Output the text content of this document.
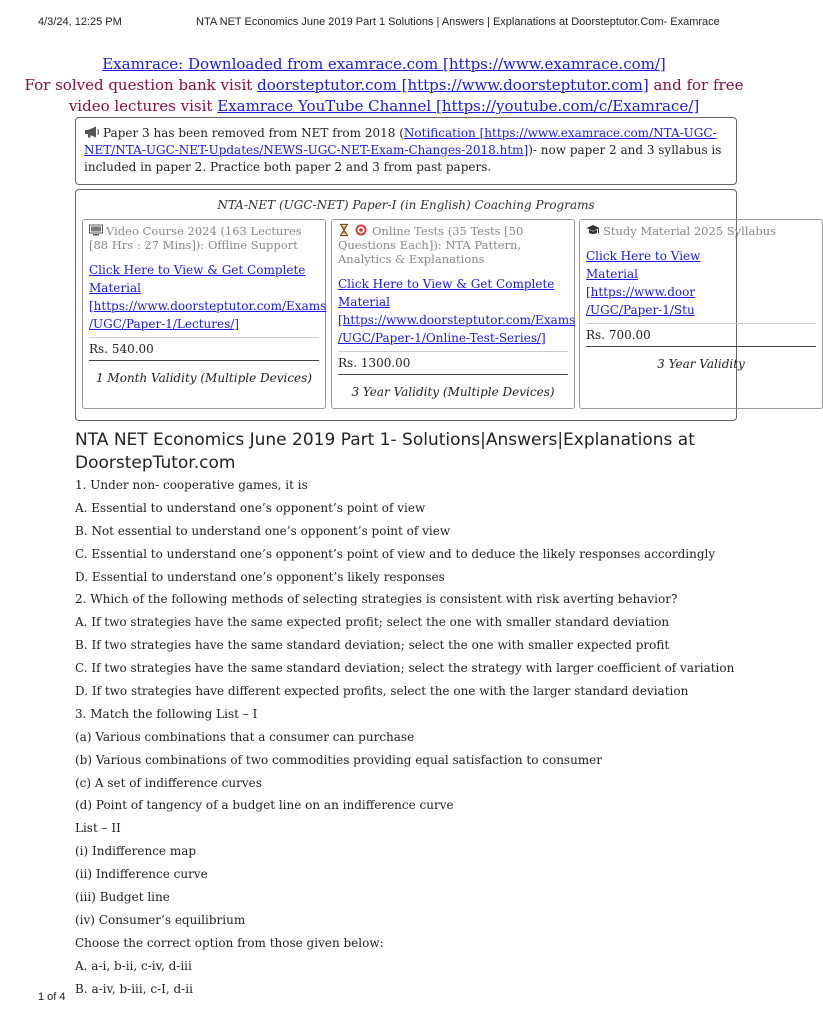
4/3/24, 12:25 PM	NTA NET Economics June 2019 Part 1 Solutions | Answers | Explanations at Doorsteptutor.Com- Examrace
Examrace: Downloaded from examrace.com [https://www.examrace.com/]
For solved question bank visit doorsteptutor.com [https://www.doorsteptutor.com] and for free
video lectures visit Examrace YouTube Channel [https://youtube.com/c/Examrace/]
Paper 3 has been removed from NET from 2018 (Notification [https://www.examrace.com/NTA-UGC-NET/NTA-UGC-NET-Updates/NEWS-UGC-NET-Exam-Changes-2018.htm])- now paper 2 and 3 syllabus is included in paper 2. Practice both paper 2 and 3 from past papers.
NTA-NET (UGC-NET) Paper-I (in English) Coaching Programs
Video Course 2024 (163 Lectures [88 Hrs : 27 Mins]): Offline Support
Click Here to View & Get Complete
Material
[https://www.doorsteptutor.com/Exams
/UGC/Paper-1/Lectures/]
Rs. 540.00
1 Month Validity (Multiple Devices)
Online Tests (35 Tests [50 Questions Each]): NTA Pattern, Analytics & Explanations
Click Here to View & Get Complete
Material
[https://www.doorsteptutor.com/Exams
/UGC/Paper-1/Online-Test-Series/]
Rs. 1300.00
3 Year Validity (Multiple Devices)
Study Material 2025 Syllabus
Click Here to View
Material
[https://www.door
/UGC/Paper-1/Stu
Rs. 700.00
3 Year Validity
NTA NET Economics June 2019 Part 1- Solutions|Answers|Explanations at DoorstepTutor.com
1. Under non- cooperative games, it is
A. Essential to understand one’s opponent’s point of view
B. Not essential to understand one’s opponent’s point of view
C. Essential to understand one’s opponent’s point of view and to deduce the likely responses accordingly
D. Essential to understand one’s opponent’s likely responses
2. Which of the following methods of selecting strategies is consistent with risk averting behavior?
A. If two strategies have the same expected profit; select the one with smaller standard deviation
B. If two strategies have the same standard deviation; select the one with smaller expected profit
C. If two strategies have the same standard deviation; select the strategy with larger coefficient of variation
D. If two strategies have different expected profits, select the one with the larger standard deviation
3. Match the following List – I
(a) Various combinations that a consumer can purchase
(b) Various combinations of two commodities providing equal satisfaction to consumer
(c) A set of indifference curves
(d) Point of tangency of a budget line on an indifference curve
List – II
(i) Indifference map
(ii) Indifference curve
(iii) Budget line
(iv) Consumer’s equilibrium
Choose the correct option from those given below:
A. a-i, b-ii, c-iv, d-iii
B. a-iv, b-iii, c-I, d-ii
1 of 4
